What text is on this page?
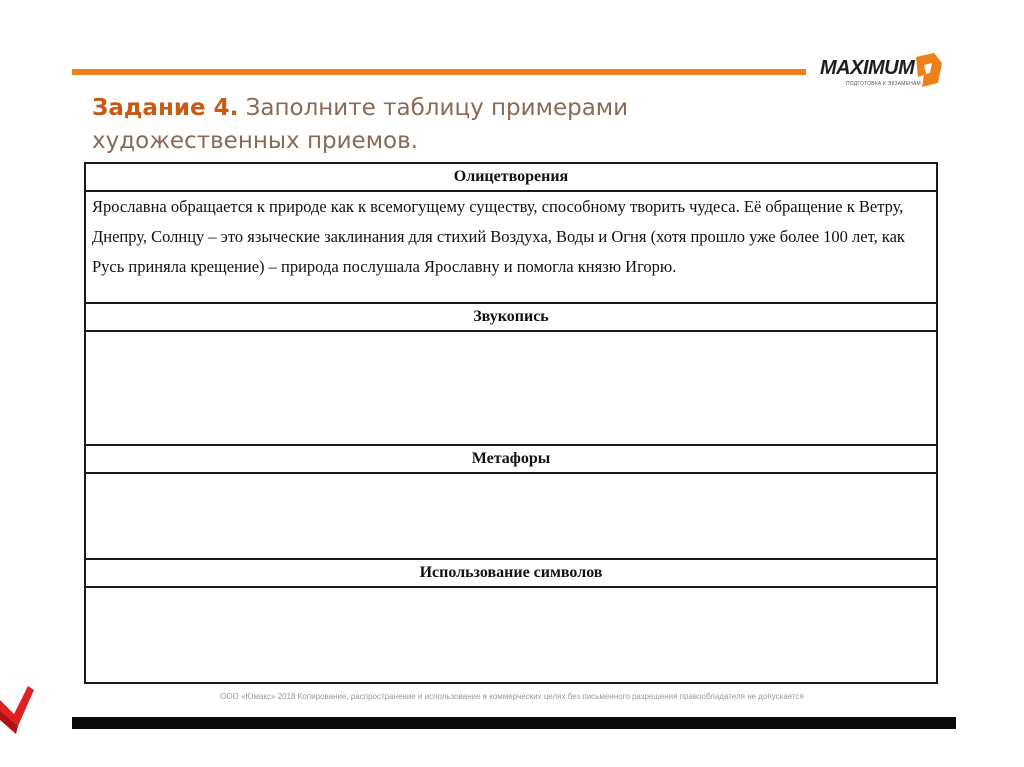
MAXIMUM
ПОДГОТОВКА К ЭКЗАМЕНАМ
Задание 4. Заполните таблицу примерами художественных приемов.
Олицетворения
Ярославна обращается к природе как к всемогущему существу, способному творить чудеса. Её обращение к Ветру, Днепру, Солнцу – это языческие заклинания для стихий Воздуха, Воды и Огня (хотя прошло уже более 100 лет, как Русь приняла крещение) – природа послушала Ярославну и помогла князю Игорю.
Звукопись

Метафоры

Использование символов

ООО «Юмакс» 2018 Копирование, распространение и использование в коммерческих целях без письменного разрешения правообладателя не допускается
